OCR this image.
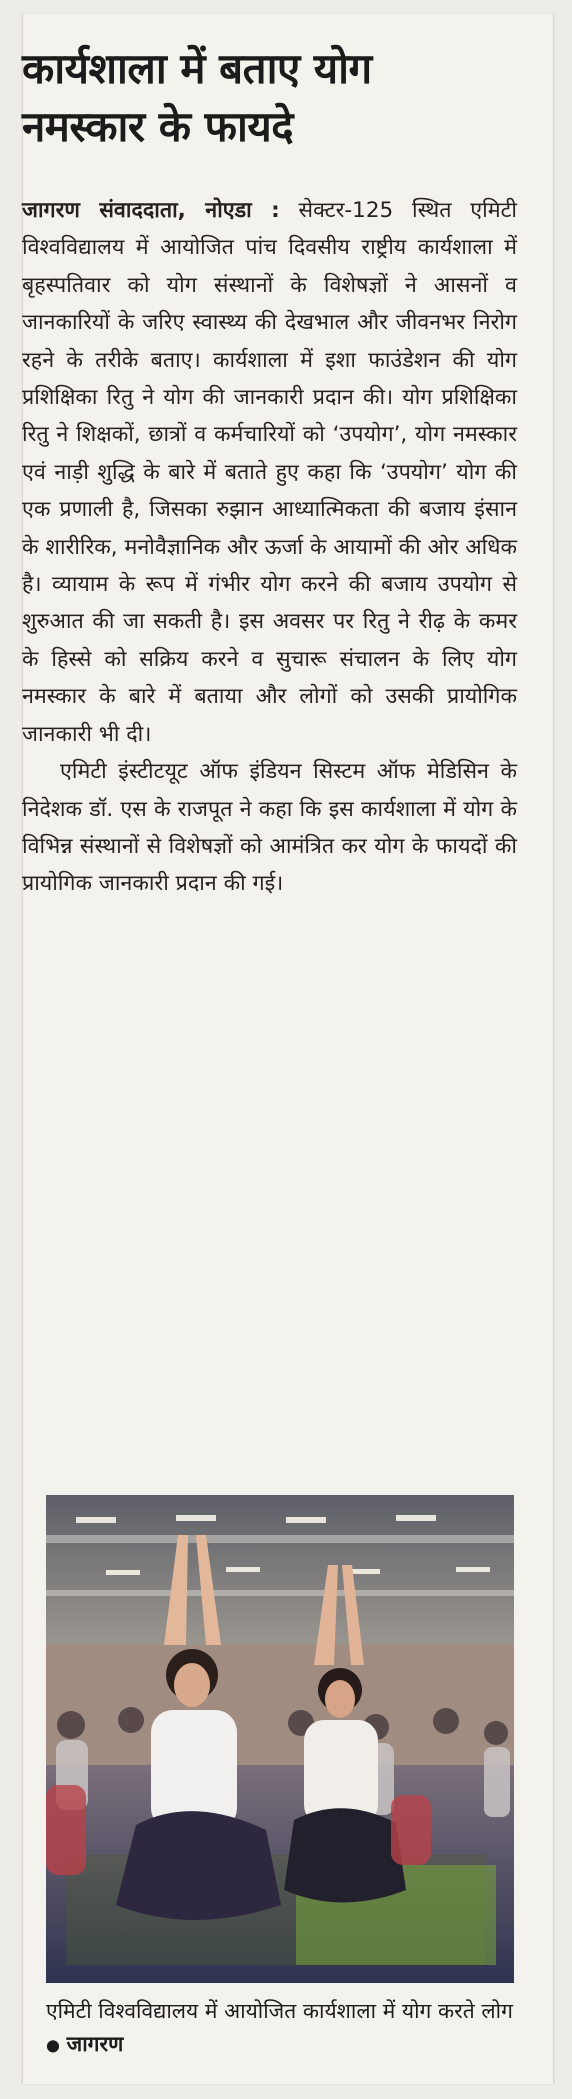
कार्यशाला में बताए योग
नमस्कार के फायदे

जागरण संवाददाता, नोएडा : सेक्टर-125 स्थित एमिटी विश्वविद्यालय में आयोजित पांच दिवसीय राष्ट्रीय कार्यशाला में बृहस्पतिवार को योग संस्थानों के विशेषज्ञों ने आसनों व जानकारियों के जरिए स्वास्थ्य की देखभाल और जीवनभर निरोग रहने के तरीके बताए। कार्यशाला में इशा फाउंडेशन की योग प्रशिक्षिका रितु ने योग की जानकारी प्रदान की। योग प्रशिक्षिका रितु ने शिक्षकों, छात्रों व कर्मचारियों को ‘उपयोग’, योग नमस्कार एवं नाड़ी शुद्धि के बारे में बताते हुए कहा कि ‘उपयोग’ योग की एक प्रणाली है, जिसका रुझान आध्यात्मिकता की बजाय इंसान के शारीरिक, मनोवैज्ञानिक और ऊर्जा के आयामों की ओर अधिक है। व्यायाम के रूप में गंभीर योग करने की बजाय उपयोग से शुरुआत की जा सकती है। इस अवसर पर रितु ने रीढ़ के कमर के हिस्से को सक्रिय करने व सुचारू संचालन के लिए योग नमस्कार के बारे में बताया और लोगों को उसकी प्रायोगिक जानकारी भी दी।

एमिटी इंस्टीटयूट ऑफ इंडियन सिस्टम ऑफ मेडिसिन के निदेशक डॉ. एस के राजपूत ने कहा कि इस कार्यशाला में योग के विभिन्न संस्थानों से विशेषज्ञों को आमंत्रित कर योग के फायदों की प्रायोगिक जानकारी प्रदान की गई।

एमिटी विश्वविद्यालय में आयोजित कार्यशाला में योग करते लोग ● जागरण
